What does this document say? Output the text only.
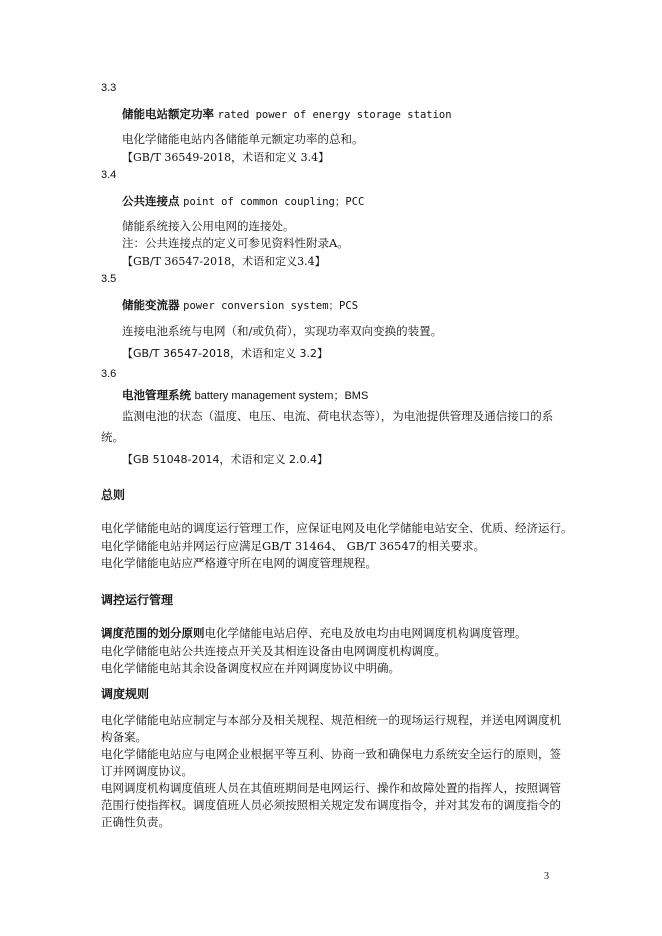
3.3
储能电站额定功率 rated power of energy storage station
电化学储能电站内各储能单元额定功率的总和。
【GB/T 36549-2018，术语和定义 3.4】
3.4
公共连接点 point of common coupling；PCC
储能系统接入公用电网的连接处。
注：公共连接点的定义可参见资料性附录A。
【GB/T 36547-2018，术语和定义3.4】
3.5
储能变流器 power conversion system；PCS
连接电池系统与电网（和/或负荷），实现功率双向变换的装置。
【GB/T 36547-2018，术语和定义 3.2】
3.6
电池管理系统 battery management system；BMS
监测电池的状态（温度、电压、电流、荷电状态等），为电池提供管理及通信接口的系
统。
【GB 51048-2014，术语和定义 2.0.4】
总则
电化学储能电站的调度运行管理工作，应保证电网及电化学储能电站安全、优质、经济运行。
电化学储能电站并网运行应满足GB/T 31464、 GB/T 36547的相关要求。
电化学储能电站应严格遵守所在电网的调度管理规程。
调控运行管理
调度范围的划分原则电化学储能电站启停、充电及放电均由电网调度机构调度管理。
电化学储能电站公共连接点开关及其相连设备由电网调度机构调度。
电化学储能电站其余设备调度权应在并网调度协议中明确。
调度规则
电化学储能电站应制定与本部分及相关规程、规范相统一的现场运行规程，并送电网调度机
构备案。
电化学储能电站应与电网企业根据平等互利、协商一致和确保电力系统安全运行的原则，签
订并网调度协议。
电网调度机构调度值班人员在其值班期间是电网运行、操作和故障处置的指挥人，按照调管
范围行使指挥权。调度值班人员必须按照相关规定发布调度指令，并对其发布的调度指令的
正确性负责。
3
